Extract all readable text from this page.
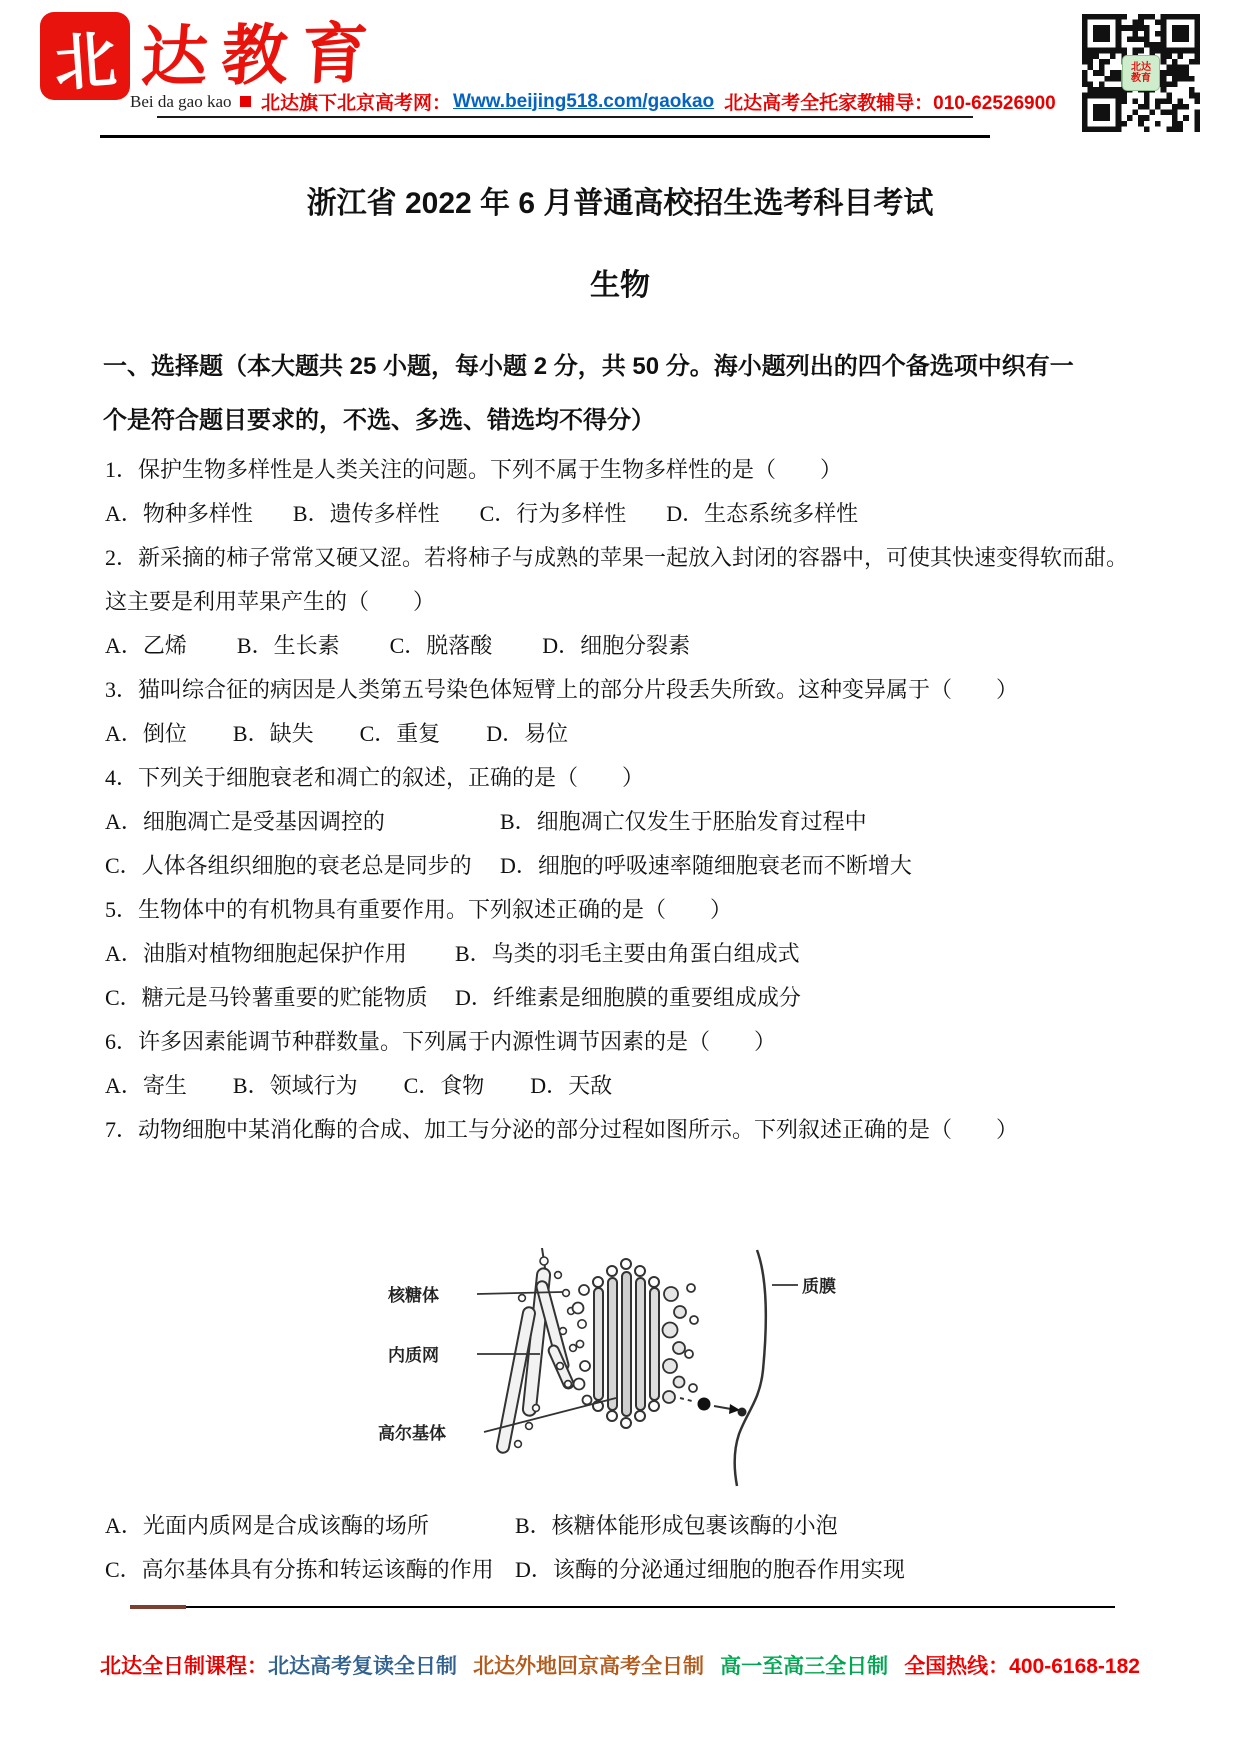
北 达教育
Bei da gao kao 北达旗下北京高考网： Www.beijing518.com/gaokao 北达高考全托家教辅导：010-62526900
北达
教育
浙江省 2022 年 6 月普通高校招生选考科目考试
生物

一、选择题（本大题共 25 小题，每小题 2 分，共 50 分。海小题列出的四个备选项中织有一

个是符合题目要求的，不选、多选、错选均不得分）

1．保护生物多样性是人类关注的问题。下列不属于生物多样性的是（　　）

A．物种多样性 B．遗传多样性 C．行为多样性 D．生态系统多样性

2．新采摘的柿子常常又硬又涩。若将柿子与成熟的苹果一起放入封闭的容器中，可使其快速变得软而甜。

这主要是利用苹果产生的（　　）

A．乙烯 B．生长素 C．脱落酸 D．细胞分裂素

3．猫叫综合征的病因是人类第五号染色体短臂上的部分片段丢失所致。这种变异属于（　　）

A．倒位 B．缺失 C．重复 D．易位

4．下列关于细胞衰老和凋亡的叙述，正确的是（　　）

A．细胞凋亡是受基因调控的	B．细胞凋亡仅发生于胚胎发育过程中
C．人体各组织细胞的衰老总是同步的	D．细胞的呼吸速率随细胞衰老而不断增大

5．生物体中的有机物具有重要作用。下列叙述正确的是（　　）

A．油脂对植物细胞起保护作用	B．鸟类的羽毛主要由角蛋白组成式
C．糖元是马铃薯重要的贮能物质	D．纤维素是细胞膜的重要组成成分

6．许多因素能调节种群数量。下列属于内源性调节因素的是（　　）

A．寄生 B．领域行为 C．食物 D．天敌

7．动物细胞中某消化酶的合成、加工与分泌的部分过程如图所示。下列叙述正确的是（　　）

核糖体
内质网
高尔基体
质膜
A．光面内质网是合成该酶的场所	B．核糖体能形成包裹该酶的小泡
C．高尔基体具有分拣和转运该酶的作用 D．该酶的分泌通过细胞的胞吞作用实现
北达全日制课程： 北达高考复读全日制 北达外地回京高考全日制 高一至高三全日制 全国热线：400-6168-182
